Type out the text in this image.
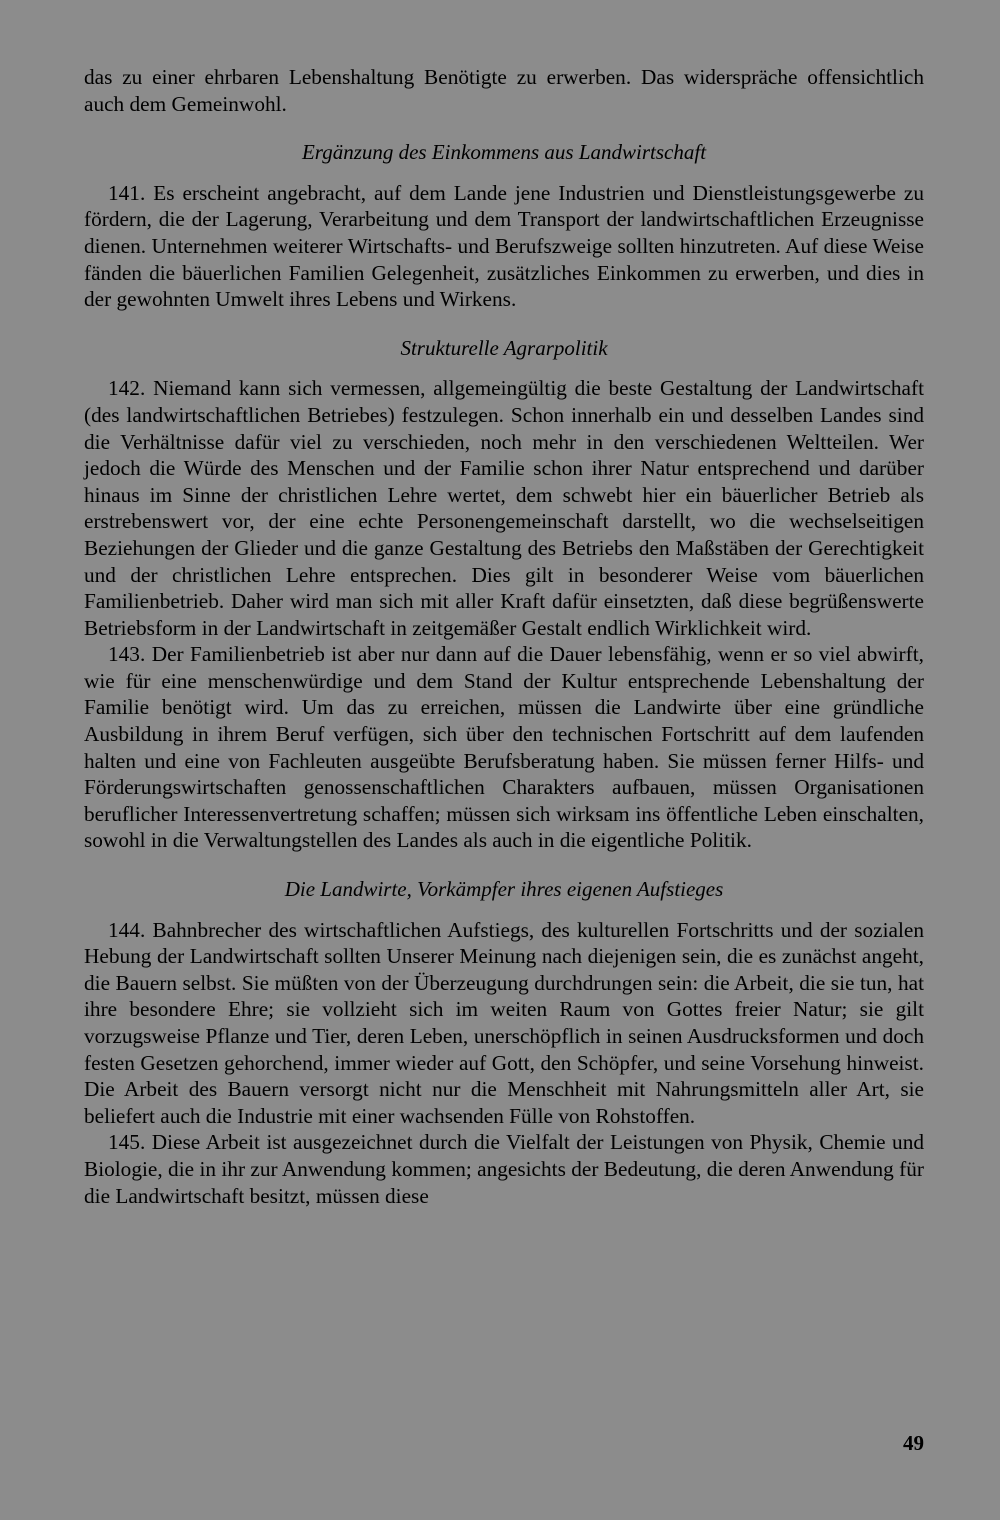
das zu einer ehrbaren Lebenshaltung Benötigte zu erwerben. Das widerspräche offensichtlich auch dem Gemeinwohl.

Ergänzung des Einkommens aus Landwirtschaft

141. Es erscheint angebracht, auf dem Lande jene Industrien und Dienstleistungsgewerbe zu fördern, die der Lagerung, Verarbeitung und dem Transport der landwirtschaftlichen Erzeugnisse dienen. Unternehmen weiterer Wirtschafts- und Berufszweige sollten hinzutreten. Auf diese Weise fänden die bäuerlichen Familien Gelegenheit, zusätzliches Einkommen zu erwerben, und dies in der gewohnten Umwelt ihres Lebens und Wirkens.

Strukturelle Agrarpolitik

142. Niemand kann sich vermessen, allgemeingültig die beste Gestaltung der Landwirtschaft (des landwirtschaftlichen Betriebes) festzulegen. Schon innerhalb ein und desselben Landes sind die Verhältnisse dafür viel zu verschieden, noch mehr in den verschiedenen Weltteilen. Wer jedoch die Würde des Menschen und der Familie schon ihrer Natur entsprechend und darüber hinaus im Sinne der christlichen Lehre wertet, dem schwebt hier ein bäuerlicher Betrieb als erstrebenswert vor, der eine echte Personengemeinschaft darstellt, wo die wechselseitigen Beziehungen der Glieder und die ganze Gestaltung des Betriebs den Maßstäben der Gerechtigkeit und der christlichen Lehre entsprechen. Dies gilt in besonderer Weise vom bäuerlichen Familienbetrieb. Daher wird man sich mit aller Kraft dafür einsetzten, daß diese begrüßenswerte Betriebsform in der Landwirtschaft in zeitgemäßer Gestalt endlich Wirklichkeit wird.

143. Der Familienbetrieb ist aber nur dann auf die Dauer lebensfähig, wenn er so viel abwirft, wie für eine menschenwürdige und dem Stand der Kultur entsprechende Lebenshaltung der Familie benötigt wird. Um das zu erreichen, müssen die Landwirte über eine gründliche Ausbildung in ihrem Beruf verfügen, sich über den technischen Fortschritt auf dem laufenden halten und eine von Fachleuten ausgeübte Berufsberatung haben. Sie müssen ferner Hilfs- und Förderungswirtschaften genossenschaftlichen Charakters aufbauen, müssen Organisationen beruflicher Interessenvertretung schaffen; müssen sich wirksam ins öffentliche Leben einschalten, sowohl in die Verwaltungstellen des Landes als auch in die eigentliche Politik.

Die Landwirte, Vorkämpfer ihres eigenen Aufstieges

144. Bahnbrecher des wirtschaftlichen Aufstiegs, des kulturellen Fortschritts und der sozialen Hebung der Landwirtschaft sollten Unserer Meinung nach diejenigen sein, die es zunächst angeht, die Bauern selbst. Sie müßten von der Überzeugung durchdrungen sein: die Arbeit, die sie tun, hat ihre besondere Ehre; sie vollzieht sich im weiten Raum von Gottes freier Natur; sie gilt vorzugsweise Pflanze und Tier, deren Leben, unerschöpflich in seinen Ausdrucksformen und doch festen Gesetzen gehorchend, immer wieder auf Gott, den Schöpfer, und seine Vorsehung hinweist. Die Arbeit des Bauern versorgt nicht nur die Menschheit mit Nahrungsmitteln aller Art, sie beliefert auch die Industrie mit einer wachsenden Fülle von Rohstoffen.

145. Diese Arbeit ist ausgezeichnet durch die Vielfalt der Leistungen von Physik, Chemie und Biologie, die in ihr zur Anwendung kommen; angesichts der Bedeutung, die deren Anwendung für die Landwirtschaft besitzt, müssen diese

49
